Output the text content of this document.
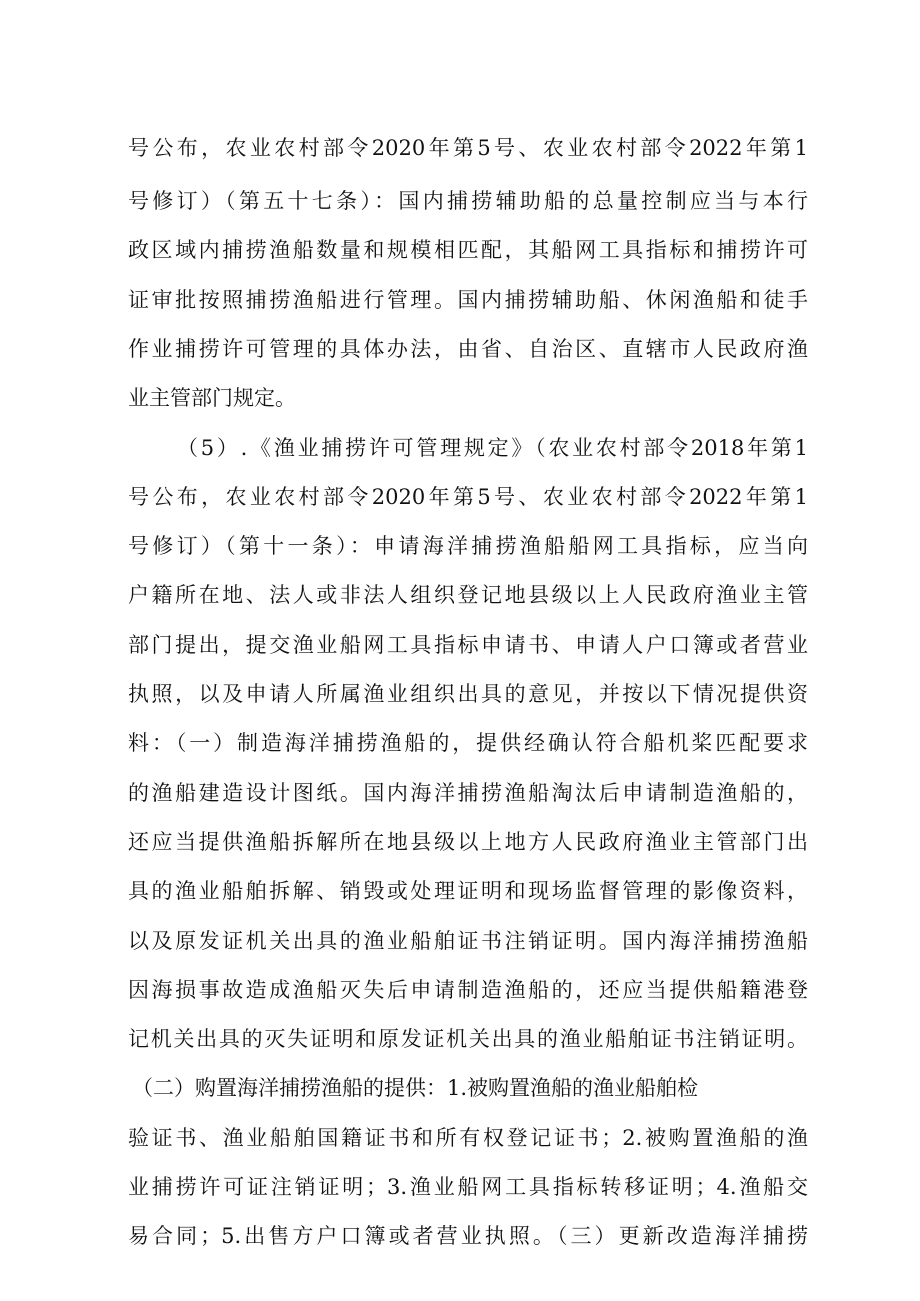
号公布，农业农村部令2020年第5号、农业农村部令2022年第1
号修订）（第五十七条）：国内捕捞辅助船的总量控制应当与本行
政区域内捕捞渔船数量和规模相匹配，其船网工具指标和捕捞许可
证审批按照捕捞渔船进行管理。国内捕捞辅助船、休闲渔船和徒手
作业捕捞许可管理的具体办法，由省、自治区、直辖市人民政府渔
业主管部门规定。
（5）.《渔业捕捞许可管理规定》（农业农村部令2018年第1
号公布，农业农村部令2020年第5号、农业农村部令2022年第1
号修订）（第十一条）：申请海洋捕捞渔船船网工具指标，应当向
户籍所在地、法人或非法人组织登记地县级以上人民政府渔业主管
部门提出，提交渔业船网工具指标申请书、申请人户口簿或者营业
执照，以及申请人所属渔业组织出具的意见，并按以下情况提供资
料：（一）制造海洋捕捞渔船的，提供经确认符合船机桨匹配要求
的渔船建造设计图纸。国内海洋捕捞渔船淘汰后申请制造渔船的，
还应当提供渔船拆解所在地县级以上地方人民政府渔业主管部门出
具的渔业船舶拆解、销毁或处理证明和现场监督管理的影像资料，
以及原发证机关出具的渔业船舶证书注销证明。国内海洋捕捞渔船
因海损事故造成渔船灭失后申请制造渔船的，还应当提供船籍港登
记机关出具的灭失证明和原发证机关出具的渔业船舶证书注销证明。
（二）购置海洋捕捞渔船的提供：1.被购置渔船的渔业船舶检
验证书、渔业船舶国籍证书和所有权登记证书；2.被购置渔船的渔
业捕捞许可证注销证明；3.渔业船网工具指标转移证明；4.渔船交
易合同；5.出售方户口簿或者营业执照。（三）更新改造海洋捕捞
